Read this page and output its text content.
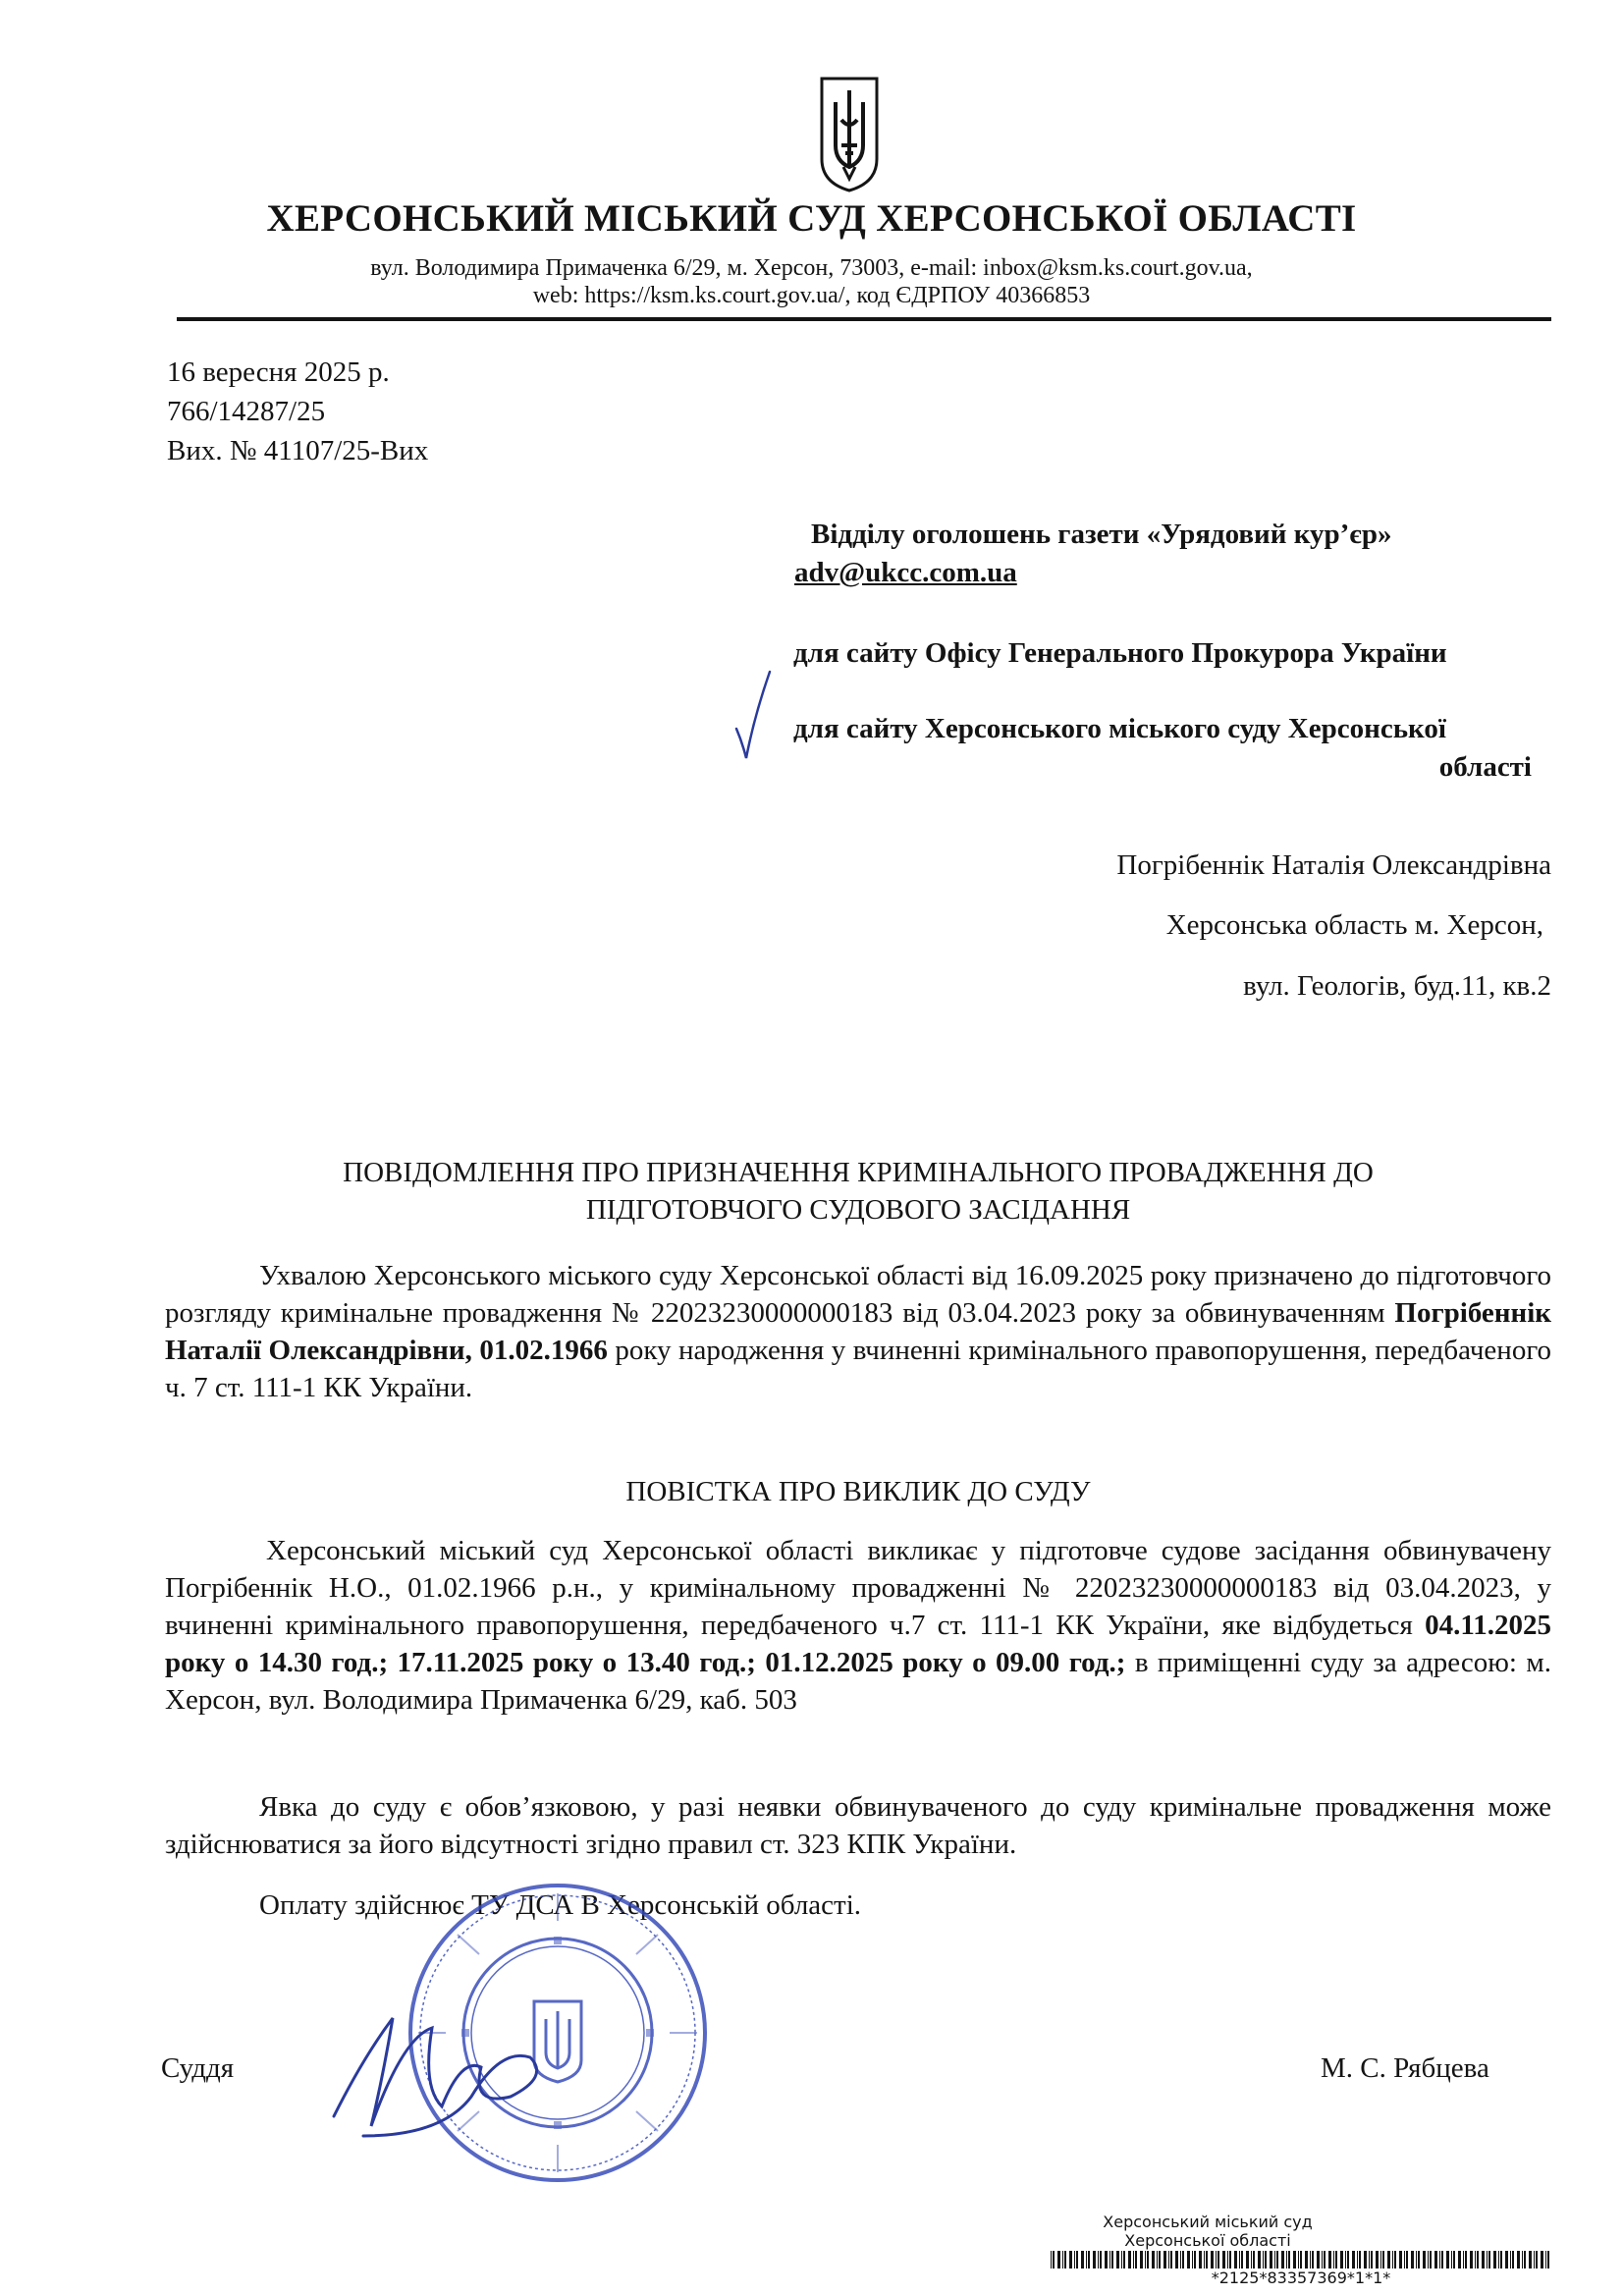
ХЕРСОНСЬКИЙ МІСЬКИЙ СУД ХЕРСОНСЬКОЇ ОБЛАСТІ
вул. Володимира Примаченка 6/29, м. Херсон, 73003, e-mail: inbox@ksm.ks.court.gov.ua,
web: https://ksm.ks.court.gov.ua/, код ЄДРПОУ 40366853
16 вересня 2025 р.
766/14287/25
Вих. № 41107/25-Вих
Відділу оголошень газети «Урядовий кур’єр»
adv@ukcc.com.ua
для сайту Офісу Генерального Прокурора України
для сайту Херсонського міського суду Херсонської
області
Погрібеннік Наталія Олександрівна
Херсонська область м. Херсон,
вул. Геологів, буд.11, кв.2
ПОВІДОМЛЕННЯ ПРО ПРИЗНАЧЕННЯ КРИМІНАЛЬНОГО ПРОВАДЖЕННЯ ДО
ПІДГОТОВЧОГО СУДОВОГО ЗАСІДАННЯ

Ухвалою Херсонського міського суду Херсонської області від 16.09.2025 року призначено до підготовчого розгляду кримінальне провадження № 22023230000000183 від 03.04.2023 року за обвинуваченням Погрібеннік Наталії Олександрівни, 01.02.1966 року народження у вчиненні кримінального правопорушення, передбаченого ч. 7 ст. 111-1 КК України.

ПОВІСТКА ПРО ВИКЛИК ДО СУДУ

Херсонський міський суд Херсонської області викликає у підготовче судове засідання обвинувачену Погрібеннік Н.О., 01.02.1966 р.н., у кримінальному провадженні № 22023230000000183 від 03.04.2023, у вчиненні кримінального правопорушення, передбаченого ч.7 ст. 111-1 КК України, яке відбудеться 04.11.2025 року о 14.30 год.; 17.11.2025 року о 13.40 год.; 01.12.2025 року о 09.00 год.; в приміщенні суду за адресою: м. Херсон, вул. Володимира Примаченка 6/29, каб. 503

Явка до суду є обов’язковою, у разі неявки обвинуваченого до суду кримінальне провадження може здійснюватися за його відсутності згідно правил ст. 323 КПК України.

Оплату здійснює ТУ ДСА В Херсонській області.

Суддя	М. С. Рябцева
Херсонський міський суд
Херсонської області
*2125*83357369*1*1*
